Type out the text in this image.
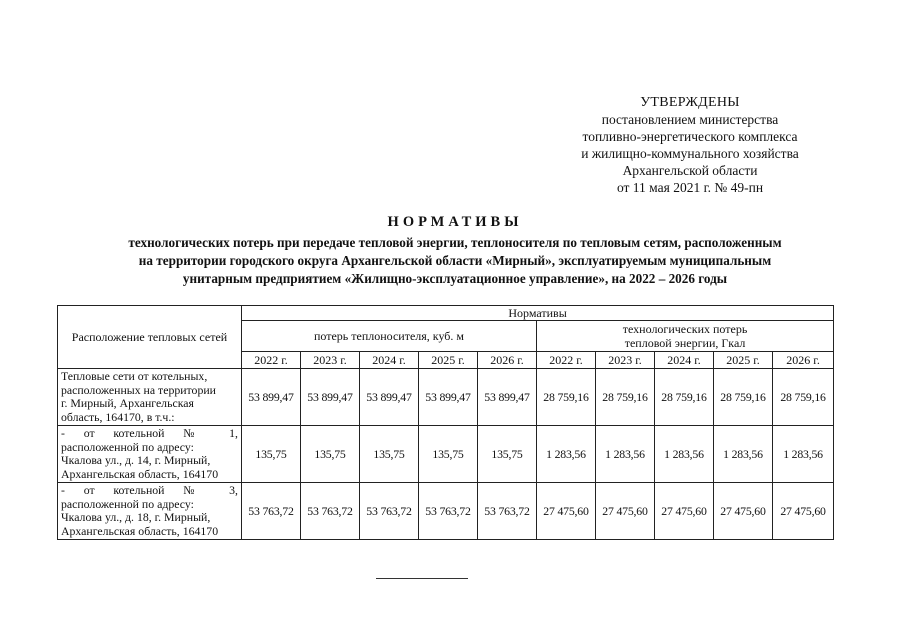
УТВЕРЖДЕНЫ
постановлением министерства
топливно-энергетического комплекса
и жилищно-коммунального хозяйства
Архангельской области
от 11 мая 2021 г. № 49-пн
НОРМАТИВЫ
технологических потерь при передаче тепловой энергии, теплоносителя по тепловым сетям, расположенным
на территории городского округа Архангельской области «Мирный», эксплуатируемым муниципальным
унитарным предприятием «Жилищно-эксплуатационное управление», на 2022 – 2026 годы
Расположение тепловых сетей	Нормативы									
	потерь теплоносителя, куб. м					технологических потерь
тепловой энергии, Гкал				

	2022 г.	2023 г.	2024 г.	2025 г.	2026 г.	2022 г.	2023 г.	2024 г.	2025 г.	2026 г.

Тепловые сети от котельных,
расположенных на территории
г. Мирный, Архангельская
область, 164170, в т.ч.:	53 899,47	53 899,47	53 899,47	53 899,47	53 899,47	28 759,16	28 759,16	28 759,16	28 759,16	28 759,16

- от котельной № 1,
расположенной по адресу:
Чкалова ул., д. 14, г. Мирный,
Архангельская область, 164170	135,75	135,75	135,75	135,75	135,75	1 283,56	1 283,56	1 283,56	1 283,56	1 283,56

- от котельной № 3,
расположенной по адресу:
Чкалова ул., д. 18, г. Мирный,
Архангельская область, 164170	53 763,72	53 763,72	53 763,72	53 763,72	53 763,72	27 475,60	27 475,60	27 475,60	27 475,60	27 475,60
